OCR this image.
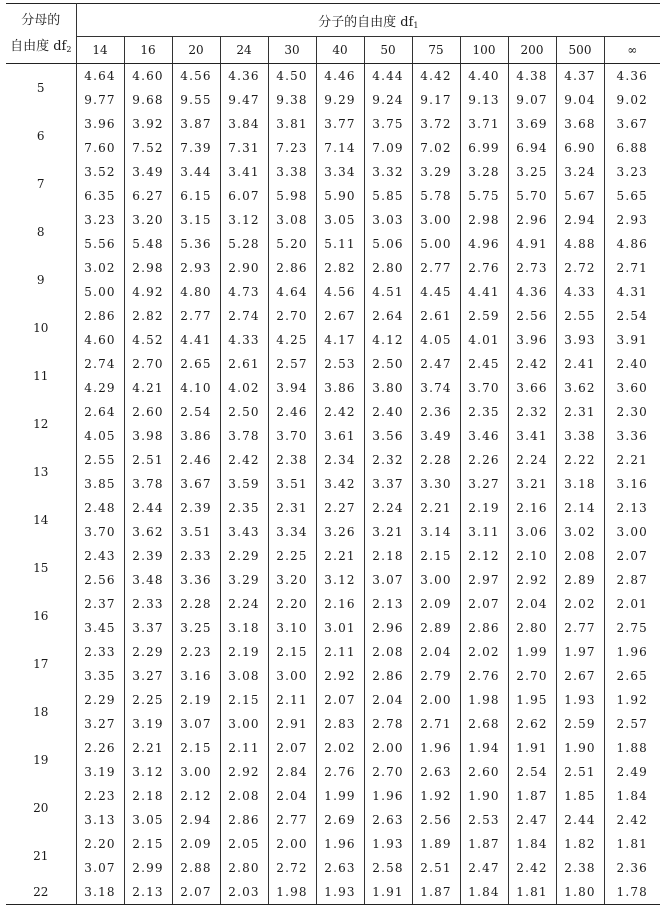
分母的
自由度 $df_2$	分子的自由度 $df_1$
	14	16	20	24	30	40	50	75	100	200	500	∞
5	4.64	4.60	4.56	4.36	4.50	4.46	4.44	4.42	4.40	4.38	4.37	4.36
	9.77	9.68	9.55	9.47	9.38	9.29	9.24	9.17	9.13	9.07	9.04	9.02
6	3.96	3.92	3.87	3.84	3.81	3.77	3.75	3.72	3.71	3.69	3.68	3.67
	7.60	7.52	7.39	7.31	7.23	7.14	7.09	7.02	6.99	6.94	6.90	6.88
7	3.52	3.49	3.44	3.41	3.38	3.34	3.32	3.29	3.28	3.25	3.24	3.23
	6.35	6.27	6.15	6.07	5.98	5.90	5.85	5.78	5.75	5.70	5.67	5.65
8	3.23	3.20	3.15	3.12	3.08	3.05	3.03	3.00	2.98	2.96	2.94	2.93
	5.56	5.48	5.36	5.28	5.20	5.11	5.06	5.00	4.96	4.91	4.88	4.86
9	3.02	2.98	2.93	2.90	2.86	2.82	2.80	2.77	2.76	2.73	2.72	2.71
	5.00	4.92	4.80	4.73	4.64	4.56	4.51	4.45	4.41	4.36	4.33	4.31
10	2.86	2.82	2.77	2.74	2.70	2.67	2.64	2.61	2.59	2.56	2.55	2.54
	4.60	4.52	4.41	4.33	4.25	4.17	4.12	4.05	4.01	3.96	3.93	3.91
11	2.74	2.70	2.65	2.61	2.57	2.53	2.50	2.47	2.45	2.42	2.41	2.40
	4.29	4.21	4.10	4.02	3.94	3.86	3.80	3.74	3.70	3.66	3.62	3.60
12	2.64	2.60	2.54	2.50	2.46	2.42	2.40	2.36	2.35	2.32	2.31	2.30
	4.05	3.98	3.86	3.78	3.70	3.61	3.56	3.49	3.46	3.41	3.38	3.36
13	2.55	2.51	2.46	2.42	2.38	2.34	2.32	2.28	2.26	2.24	2.22	2.21
	3.85	3.78	3.67	3.59	3.51	3.42	3.37	3.30	3.27	3.21	3.18	3.16
14	2.48	2.44	2.39	2.35	2.31	2.27	2.24	2.21	2.19	2.16	2.14	2.13
	3.70	3.62	3.51	3.43	3.34	3.26	3.21	3.14	3.11	3.06	3.02	3.00
15	2.43	2.39	2.33	2.29	2.25	2.21	2.18	2.15	2.12	2.10	2.08	2.07
	2.56	3.48	3.36	3.29	3.20	3.12	3.07	3.00	2.97	2.92	2.89	2.87
16	2.37	2.33	2.28	2.24	2.20	2.16	2.13	2.09	2.07	2.04	2.02	2.01
	3.45	3.37	3.25	3.18	3.10	3.01	2.96	2.89	2.86	2.80	2.77	2.75
17	2.33	2.29	2.23	2.19	2.15	2.11	2.08	2.04	2.02	1.99	1.97	1.96
	3.35	3.27	3.16	3.08	3.00	2.92	2.86	2.79	2.76	2.70	2.67	2.65
18	2.29	2.25	2.19	2.15	2.11	2.07	2.04	2.00	1.98	1.95	1.93	1.92
	3.27	3.19	3.07	3.00	2.91	2.83	2.78	2.71	2.68	2.62	2.59	2.57
19	2.26	2.21	2.15	2.11	2.07	2.02	2.00	1.96	1.94	1.91	1.90	1.88
	3.19	3.12	3.00	2.92	2.84	2.76	2.70	2.63	2.60	2.54	2.51	2.49
20	2.23	2.18	2.12	2.08	2.04	1.99	1.96	1.92	1.90	1.87	1.85	1.84
	3.13	3.05	2.94	2.86	2.77	2.69	2.63	2.56	2.53	2.47	2.44	2.42
21	2.20	2.15	2.09	2.05	2.00	1.96	1.93	1.89	1.87	1.84	1.82	1.81
	3.07	2.99	2.88	2.80	2.72	2.63	2.58	2.51	2.47	2.42	2.38	2.36
22	3.18	2.13	2.07	2.03	1.98	1.93	1.91	1.87	1.84	1.81	1.80	1.78
